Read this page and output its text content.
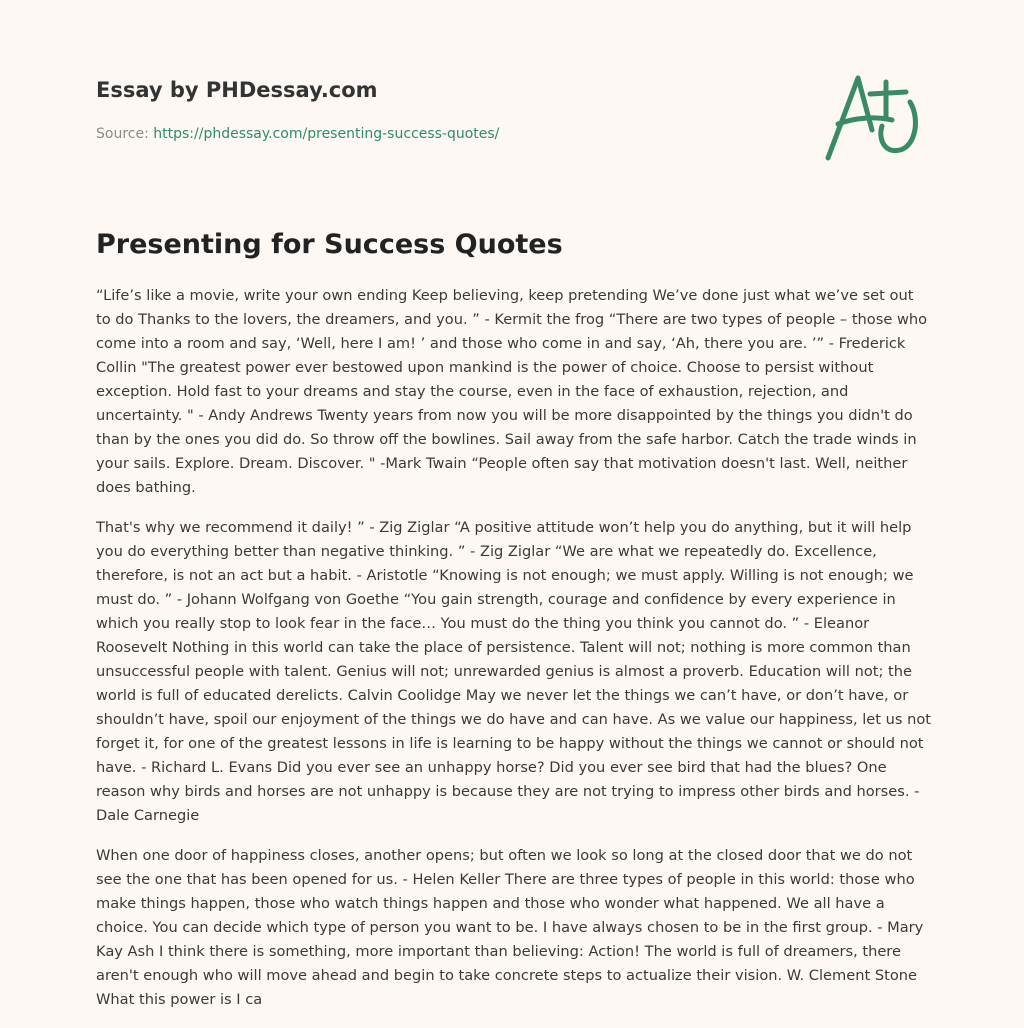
Essay by PHDessay.com
Source: https://phdessay.com/presenting-success-quotes/
Presenting for Success Quotes

“Life’s like a movie, write your own ending Keep believing, keep pretending We’ve done just what we’ve set out to do Thanks to the lovers, the dreamers, and you. ” - Kermit the frog “There are two types of people – those who come into a room and say, ‘Well, here I am! ’ and those who come in and say, ‘Ah, there you are. ’” - Frederick Collin "The greatest power ever bestowed upon mankind is the power of choice. Choose to persist without exception. Hold fast to your dreams and stay the course, even in the face of exhaustion, rejection, and uncertainty. " - Andy Andrews Twenty years from now you will be more disappointed by the things you didn't do than by the ones you did do. So throw off the bowlines. Sail away from the safe harbor. Catch the trade winds in your sails. Explore. Dream. Discover. " -Mark Twain “People often say that motivation doesn't last. Well, neither does bathing.

That's why we recommend it daily! ” - Zig Ziglar “A positive attitude won’t help you do anything, but it will help you do everything better than negative thinking. ” - Zig Ziglar “We are what we repeatedly do. Excellence, therefore, is not an act but a habit. - Aristotle “Knowing is not enough; we must apply. Willing is not enough; we must do. ” - Johann Wolfgang von Goethe “You gain strength, courage and confidence by every experience in which you really stop to look fear in the face… You must do the thing you think you cannot do. ” - Eleanor Roosevelt Nothing in this world can take the place of persistence. Talent will not; nothing is more common than unsuccessful people with talent. Genius will not; unrewarded genius is almost a proverb. Education will not; the world is full of educated derelicts. Calvin Coolidge May we never let the things we can’t have, or don’t have, or shouldn’t have, spoil our enjoyment of the things we do have and can have. As we value our happiness, let us not forget it, for one of the greatest lessons in life is learning to be happy without the things we cannot or should not have. - Richard L. Evans Did you ever see an unhappy horse? Did you ever see bird that had the blues? One reason why birds and horses are not unhappy is because they are not trying to impress other birds and horses. - Dale Carnegie

When one door of happiness closes, another opens; but often we look so long at the closed door that we do not see the one that has been opened for us. - Helen Keller There are three types of people in this world: those who make things happen, those who watch things happen and those who wonder what happened. We all have a choice. You can decide which type of person you want to be. I have always chosen to be in the first group. - Mary Kay Ash I think there is something, more important than believing: Action! The world is full of dreamers, there aren't enough who will move ahead and begin to take concrete steps to actualize their vision. W. Clement Stone What this power is I ca
